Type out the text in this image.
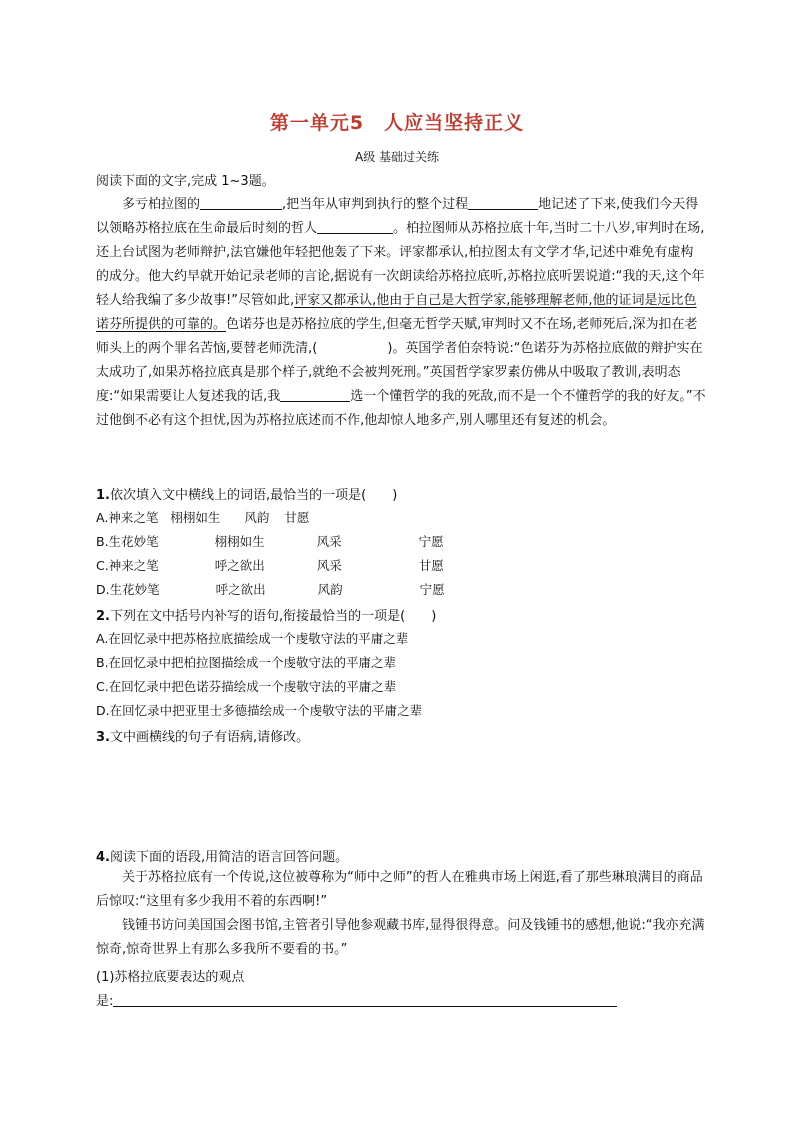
第一单元5　人应当坚持正义
A级 基础过关练
阅读下面的文字,完成 1~3题。

多亏柏拉图的	,把当年从审判到执行的整个过程	地记述了下来,使我们今天得以领略苏格拉底在生命最后时刻的哲人	。柏拉图师从苏格拉底十年,当时二十八岁,审判时在场,还上台试图为老师辩护,法官嫌他年轻把他轰了下来。评家都承认,柏拉图太有文学才华,记述中难免有虚构的成分。他大约早就开始记录老师的言论,据说有一次朗读给苏格拉底听,苏格拉底听罢说道:“我的天,这个年轻人给我编了多少故事!”尽管如此,评家又都承认,他由于自己是大哲学家,能够理解老师,他的证词是远比色诺芬所提供的可靠的。色诺芬也是苏格拉底的学生,但毫无哲学天赋,审判时又不在场,老师死后,深为扣在老师头上的两个罪名苦恼,要替老师洗清,(	)。英国学者伯奈特说:“色诺芬为苏格拉底做的辩护实在太成功了,如果苏格拉底真是那个样子,就绝不会被判死刑。”英国哲学家罗素仿佛从中吸取了教训,表明态度:“如果需要让人复述我的话,我	选一个懂哲学的我的死敌,而不是一个不懂哲学的我的好友。”不过他倒不必有这个担忧,因为苏格拉底述而不作,他却惊人地多产,别人哪里还有复述的机会。

1.依次填入文中横线上的词语,最恰当的一项是(　　)
A.神来之笔 栩栩如生 风韵 甘愿
B.生花妙笔	栩栩如生	风采	宁愿
C.神来之笔	呼之欲出	风采	甘愿
D.生花妙笔	呼之欲出	风韵	宁愿
2.下列在文中括号内补写的语句,衔接最恰当的一项是(　　)
A.在回忆录中把苏格拉底描绘成一个虔敬守法的平庸之辈
B.在回忆录中把柏拉图描绘成一个虔敬守法的平庸之辈
C.在回忆录中把色诺芬描绘成一个虔敬守法的平庸之辈
D.在回忆录中把亚里士多德描绘成一个虔敬守法的平庸之辈
3.文中画横线的句子有语病,请修改。
4.阅读下面的语段,用简洁的语言回答问题。

关于苏格拉底有一个传说,这位被尊称为“师中之师”的哲人在雅典市场上闲逛,看了那些琳琅满目的商品后惊叹:“这里有多少我用不着的东西啊!”

钱锺书访问美国国会图书馆,主管者引导他参观藏书库,显得很得意。问及钱锺书的感想,他说:“我亦充满惊奇,惊奇世界上有那么多我所不要看的书。”

(1)苏格拉底要表达的观点
是:
